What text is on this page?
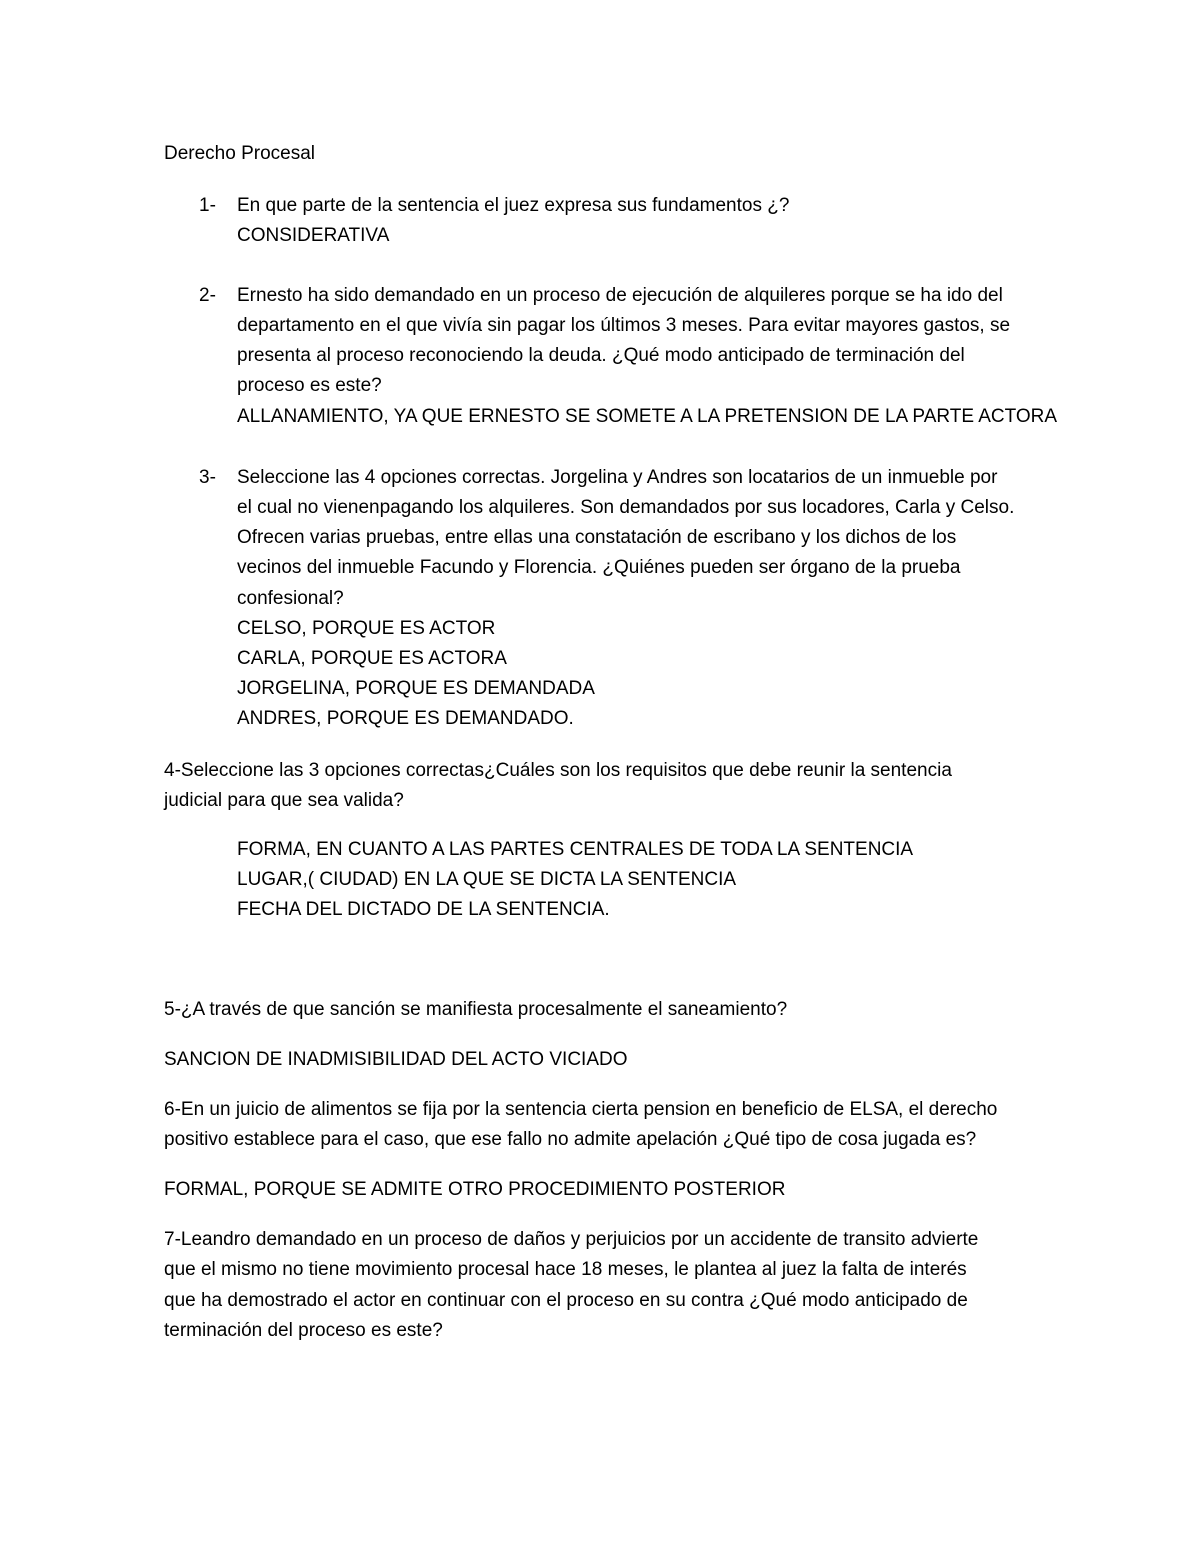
Derecho Procesal
1- En que parte de la sentencia el juez expresa sus fundamentos ¿?
CONSIDERATIVA
2- Ernesto ha sido demandado en un proceso de ejecución de alquileres porque se ha ido del
departamento en el que vivía sin pagar los últimos 3 meses. Para evitar mayores gastos, se
presenta al proceso reconociendo la deuda. ¿Qué modo anticipado de terminación del
proceso es este?
ALLANAMIENTO, YA QUE ERNESTO SE SOMETE A LA PRETENSION DE LA PARTE ACTORA
3- Seleccione las 4 opciones correctas. Jorgelina y Andres son locatarios de un inmueble por
el cual no vienenpagando los alquileres. Son demandados por sus locadores, Carla y Celso.
Ofrecen varias pruebas, entre ellas una constatación de escribano y los dichos de los
vecinos del inmueble Facundo y Florencia. ¿Quiénes pueden ser órgano de la prueba
confesional?
CELSO, PORQUE ES ACTOR
CARLA, PORQUE ES ACTORA
JORGELINA, PORQUE ES DEMANDADA
ANDRES, PORQUE ES DEMANDADO.
4-Seleccione las 3 opciones correctas¿Cuáles son los requisitos que debe reunir la sentencia
judicial para que sea valida?
FORMA, EN CUANTO A LAS PARTES CENTRALES DE TODA LA SENTENCIA
LUGAR,( CIUDAD) EN LA QUE SE DICTA LA SENTENCIA
FECHA DEL DICTADO DE LA SENTENCIA.
5-¿A través de que sanción se manifiesta procesalmente el saneamiento?
SANCION DE INADMISIBILIDAD DEL ACTO VICIADO
6-En un juicio de alimentos se fija por la sentencia cierta pension en beneficio de ELSA, el derecho
positivo establece para el caso, que ese fallo no admite apelación ¿Qué tipo de cosa jugada es?
FORMAL, PORQUE SE ADMITE OTRO PROCEDIMIENTO POSTERIOR
7-Leandro demandado en un proceso de daños y perjuicios por un accidente de transito advierte
que el mismo no tiene movimiento procesal hace 18 meses, le plantea al juez la falta de interés
que ha demostrado el actor en continuar con el proceso en su contra ¿Qué modo anticipado de
terminación del proceso es este?
